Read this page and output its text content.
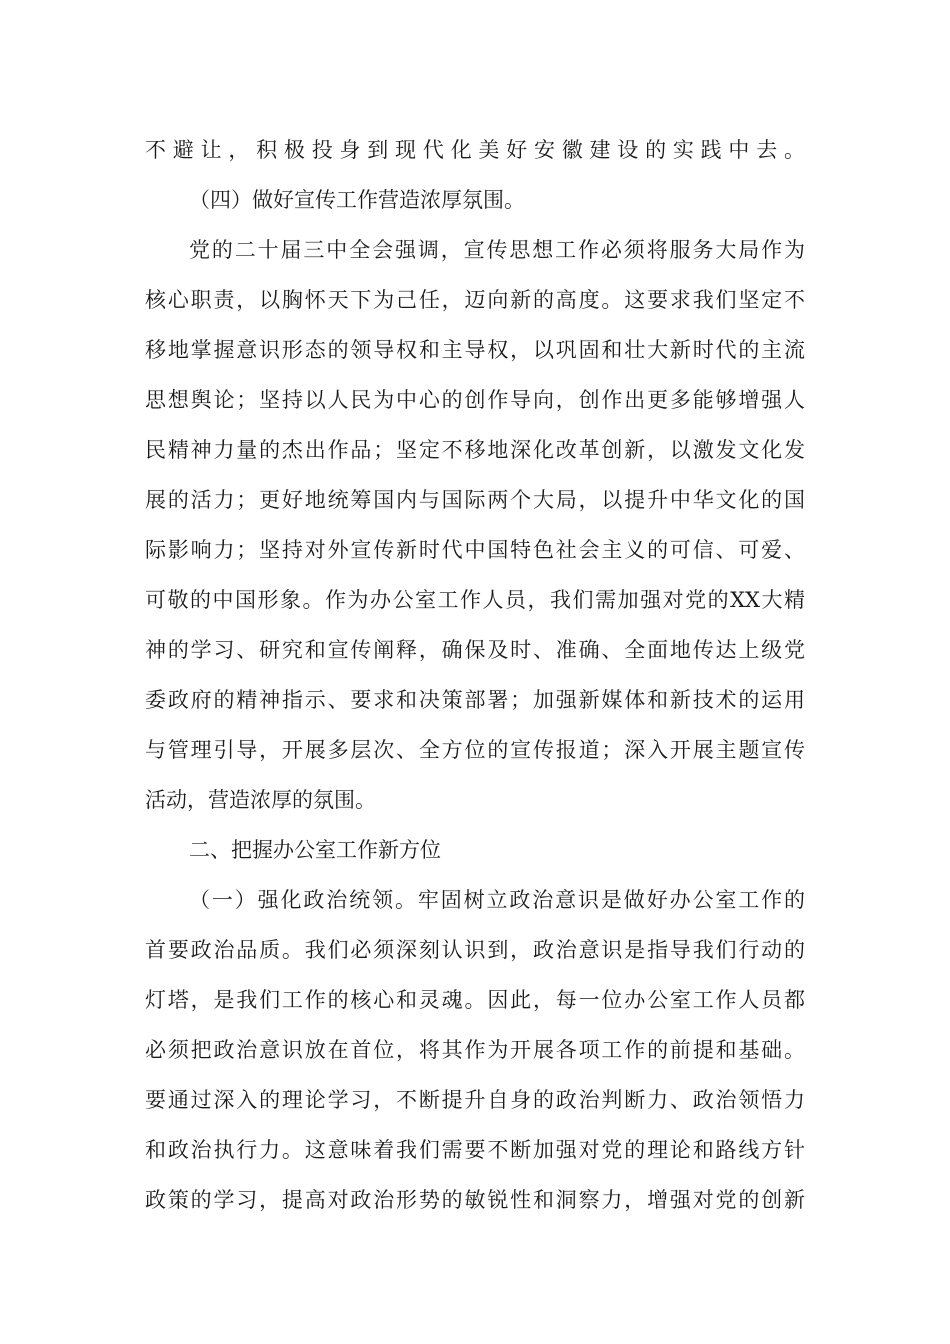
不避让，积极投身到现代化美好安徽建设的实践中去。
（四）做好宣传工作营造浓厚氛围。
党的二十届三中全会强调，宣传思想工作必须将服务大局作为
核心职责，以胸怀天下为己任，迈向新的高度。这要求我们坚定不
移地掌握意识形态的领导权和主导权，以巩固和壮大新时代的主流
思想舆论；坚持以人民为中心的创作导向，创作出更多能够增强人
民精神力量的杰出作品；坚定不移地深化改革创新，以激发文化发
展的活力；更好地统筹国内与国际两个大局，以提升中华文化的国
际影响力；坚持对外宣传新时代中国特色社会主义的可信、可爱、
可敬的中国形象。作为办公室工作人员，我们需加强对党的XX大精
神的学习、研究和宣传阐释，确保及时、准确、全面地传达上级党
委政府的精神指示、要求和决策部署；加强新媒体和新技术的运用
与管理引导，开展多层次、全方位的宣传报道；深入开展主题宣传
活动，营造浓厚的氛围。
二、把握办公室工作新方位
（一）强化政治统领。牢固树立政治意识是做好办公室工作的
首要政治品质。我们必须深刻认识到，政治意识是指导我们行动的
灯塔，是我们工作的核心和灵魂。因此，每一位办公室工作人员都
必须把政治意识放在首位，将其作为开展各项工作的前提和基础。
要通过深入的理论学习，不断提升自身的政治判断力、政治领悟力
和政治执行力。这意味着我们需要不断加强对党的理论和路线方针
政策的学习，提高对政治形势的敏锐性和洞察力，增强对党的创新
